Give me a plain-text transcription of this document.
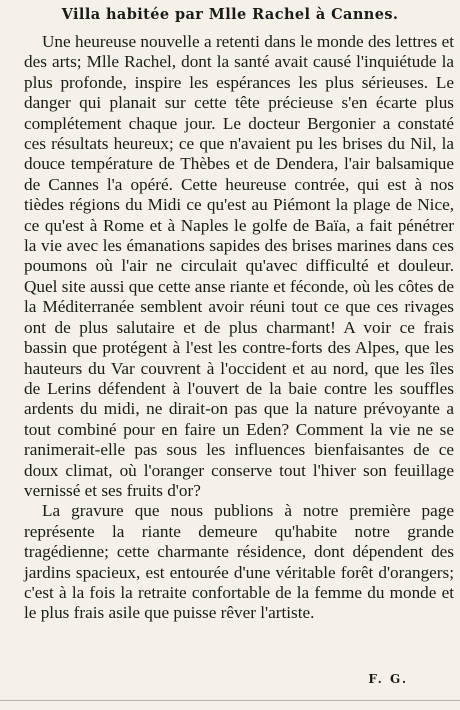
Villa habitée par Mlle Rachel à Cannes.

Une heureuse nouvelle a retenti dans le monde des lettres et des arts; Mlle Rachel, dont la santé avait causé l'inquiétude la plus profonde, inspire les espérances les plus sérieuses. Le danger qui planait sur cette tête précieuse s'en écarte plus complétement chaque jour. Le docteur Bergonier a constaté ces résultats heureux; ce que n'avaient pu les brises du Nil, la douce température de Thèbes et de Dendera, l'air balsamique de Cannes l'a opéré. Cette heureuse contrée, qui est à nos tièdes régions du Midi ce qu'est au Piémont la plage de Nice, ce qu'est à Rome et à Naples le golfe de Baïa, a fait pénétrer la vie avec les émanations sapides des brises marines dans ces poumons où l'air ne circulait qu'avec difficulté et douleur. Quel site aussi que cette anse riante et féconde, où les côtes de la Méditerranée semblent avoir réuni tout ce que ces rivages ont de plus salutaire et de plus charmant! A voir ce frais bassin que protégent à l'est les contre-forts des Alpes, que les hauteurs du Var couvrent à l'occident et au nord, que les îles de Lerins défendent à l'ouvert de la baie contre les souffles ardents du midi, ne dirait-on pas que la nature prévoyante a tout combiné pour en faire un Eden? Comment la vie ne se ranimerait-elle pas sous les influences bienfaisantes de ce doux climat, où l'oranger conserve tout l'hiver son feuillage vernissé et ses fruits d'or?

La gravure que nous publions à notre première page représente la riante demeure qu'habite notre grande tragédienne; cette charmante résidence, dont dépendent des jardins spacieux, est entourée d'une véritable forêt d'orangers; c'est à la fois la retraite confortable de la femme du monde et le plus frais asile que puisse rêver l'artiste.

F. G.
